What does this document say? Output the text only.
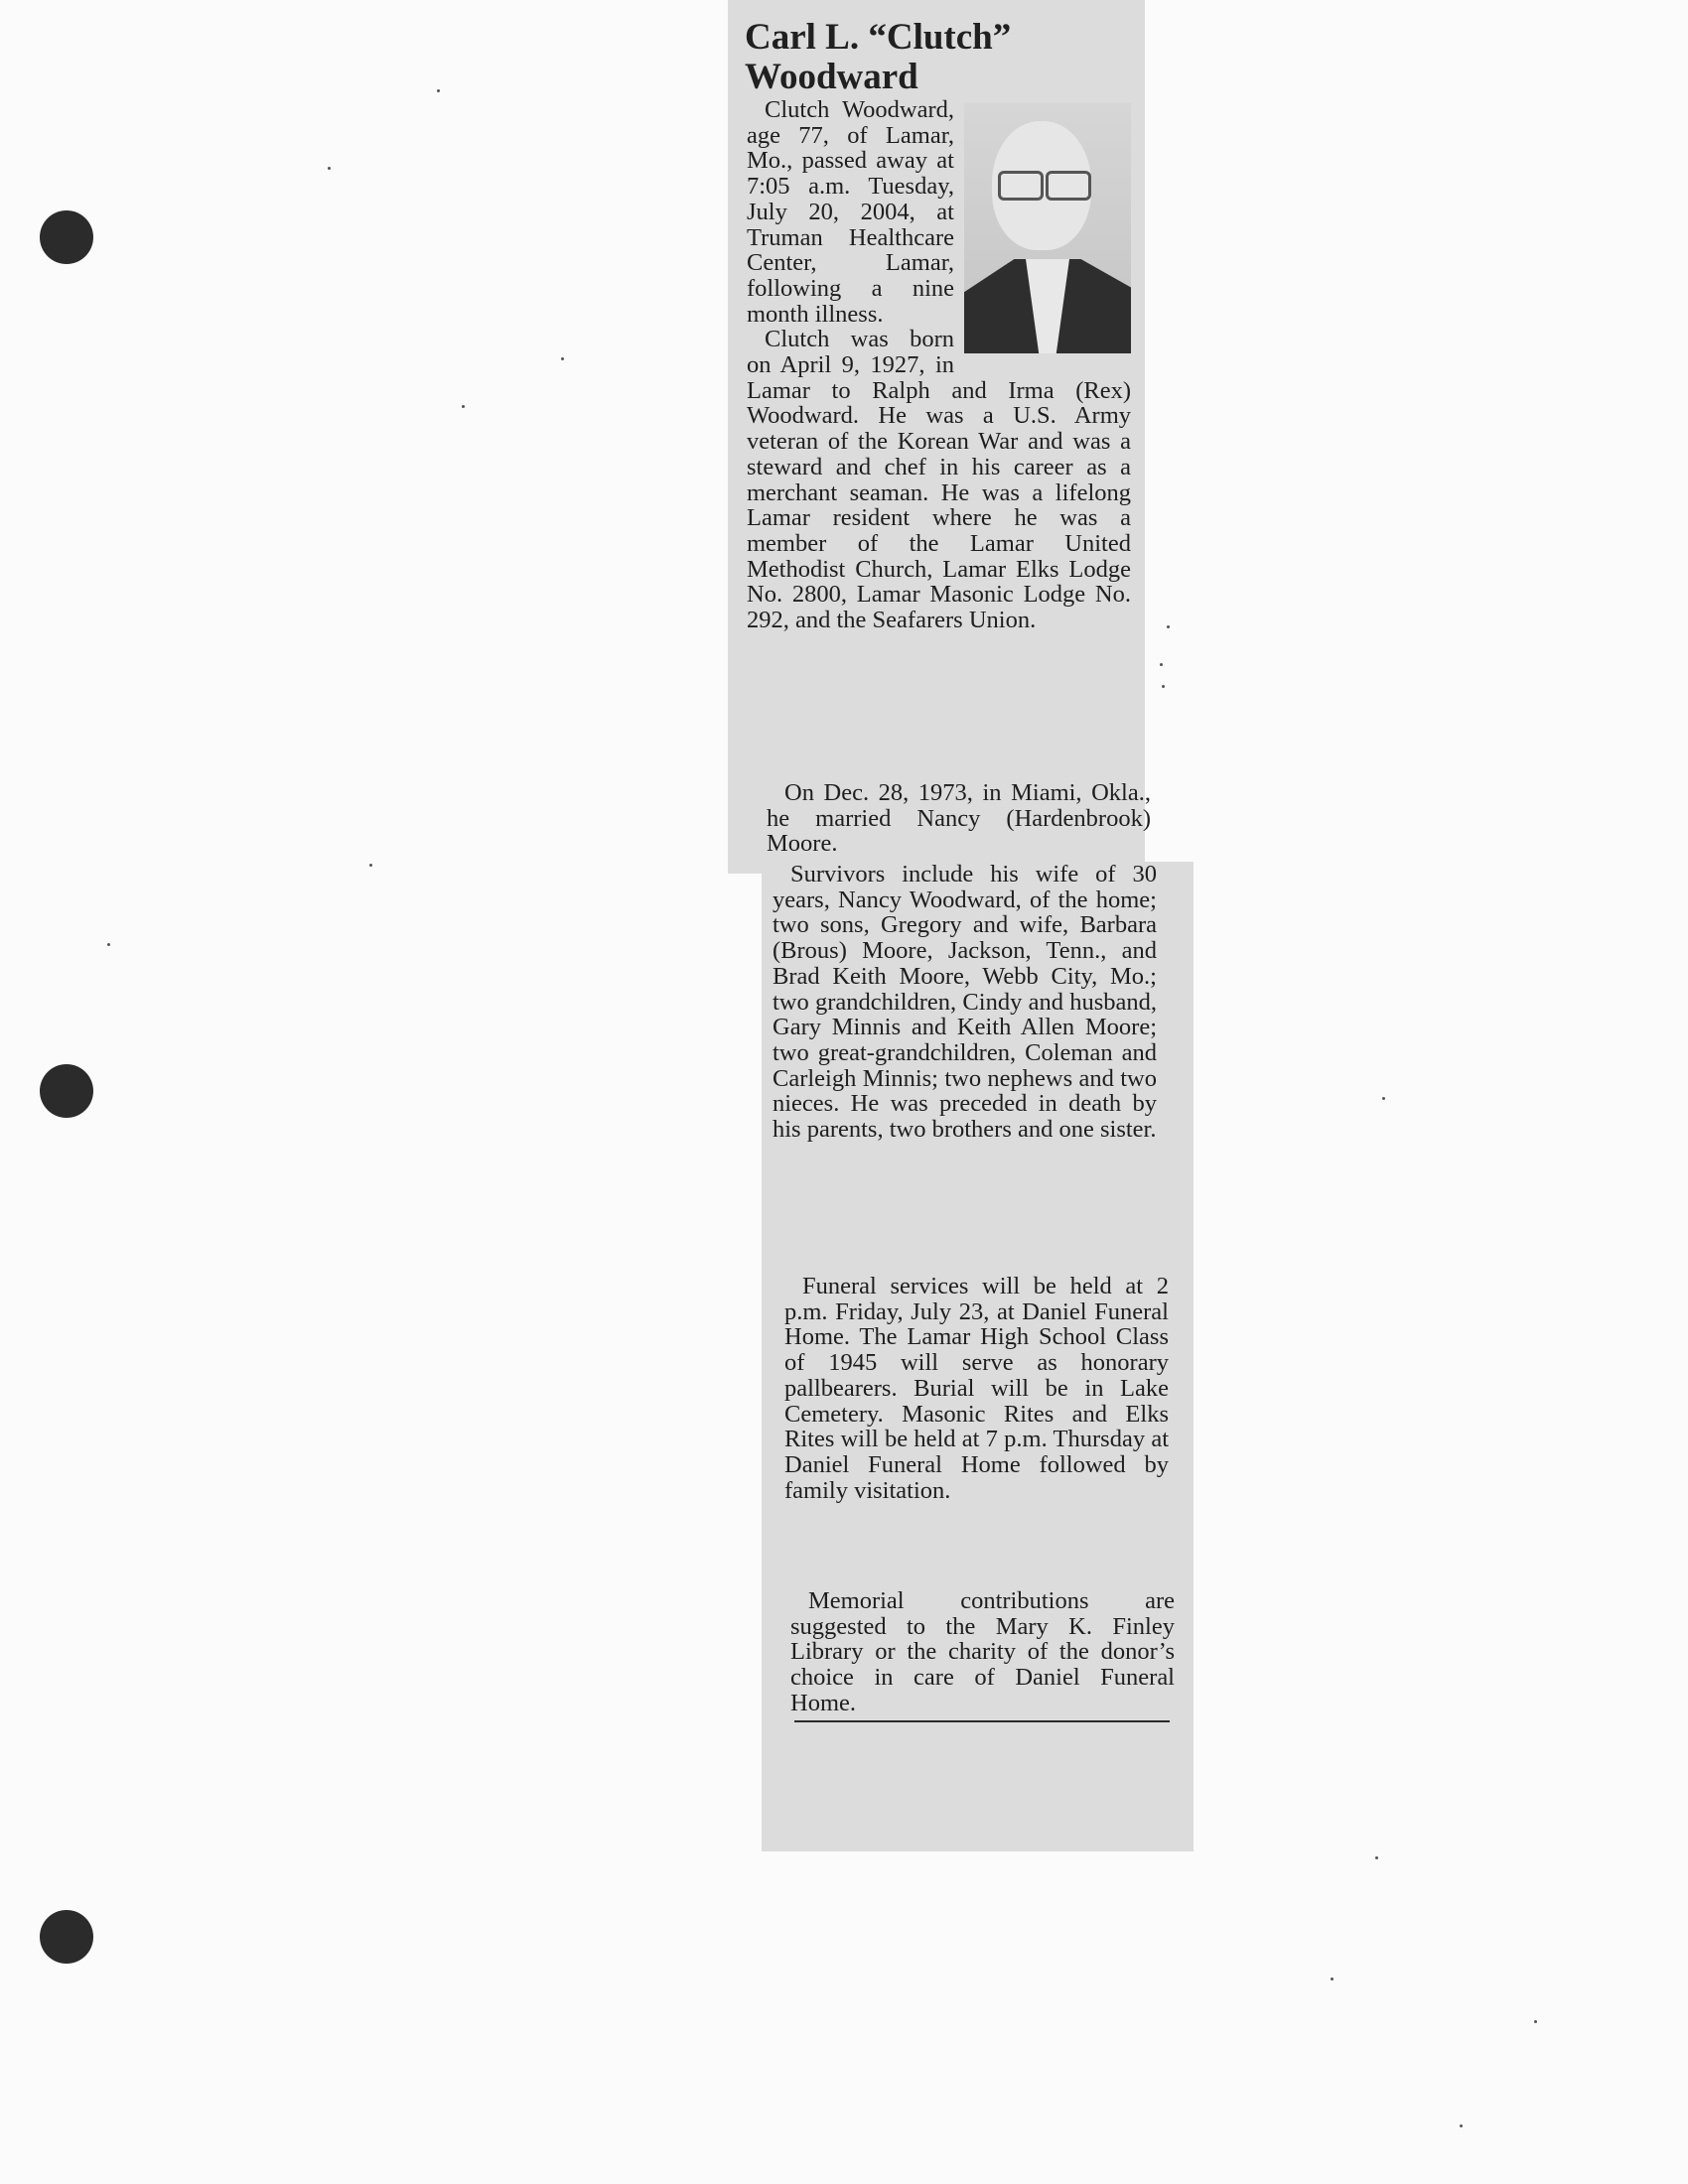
Carl L. “Clutch” Woodward

Clutch Woodward, age 77, of Lamar, Mo., passed away at 7:05 a.m. Tuesday, July 20, 2004, at Truman Healthcare Center, Lamar, following a nine month illness.

Clutch was born on April 9, 1927, in Lamar to Ralph and Irma (Rex) Woodward. He was a U.S. Army veteran of the Korean War and was a steward and chef in his career as a merchant seaman. He was a lifelong Lamar resident where he was a member of the Lamar United Methodist Church, Lamar Elks Lodge No. 2800, Lamar Masonic Lodge No. 292, and the Seafarers Union.

On Dec. 28, 1973, in Miami, Okla., he married Nancy (Hardenbrook) Moore.

Survivors include his wife of 30 years, Nancy Woodward, of the home; two sons, Gregory and wife, Barbara (Brous) Moore, Jackson, Tenn., and Brad Keith Moore, Webb City, Mo.; two grandchildren, Cindy and husband, Gary Minnis and Keith Allen Moore; two great-grandchildren, Coleman and Carleigh Minnis; two nephews and two nieces. He was preceded in death by his parents, two brothers and one sister.

Funeral services will be held at 2 p.m. Friday, July 23, at Daniel Funeral Home. The Lamar High School Class of 1945 will serve as honorary pallbearers. Burial will be in Lake Cemetery. Masonic Rites and Elks Rites will be held at 7 p.m. Thursday at Daniel Funeral Home followed by family visitation.

Memorial contributions are suggested to the Mary K. Finley Library or the charity of the donor’s choice in care of Daniel Funeral Home.
